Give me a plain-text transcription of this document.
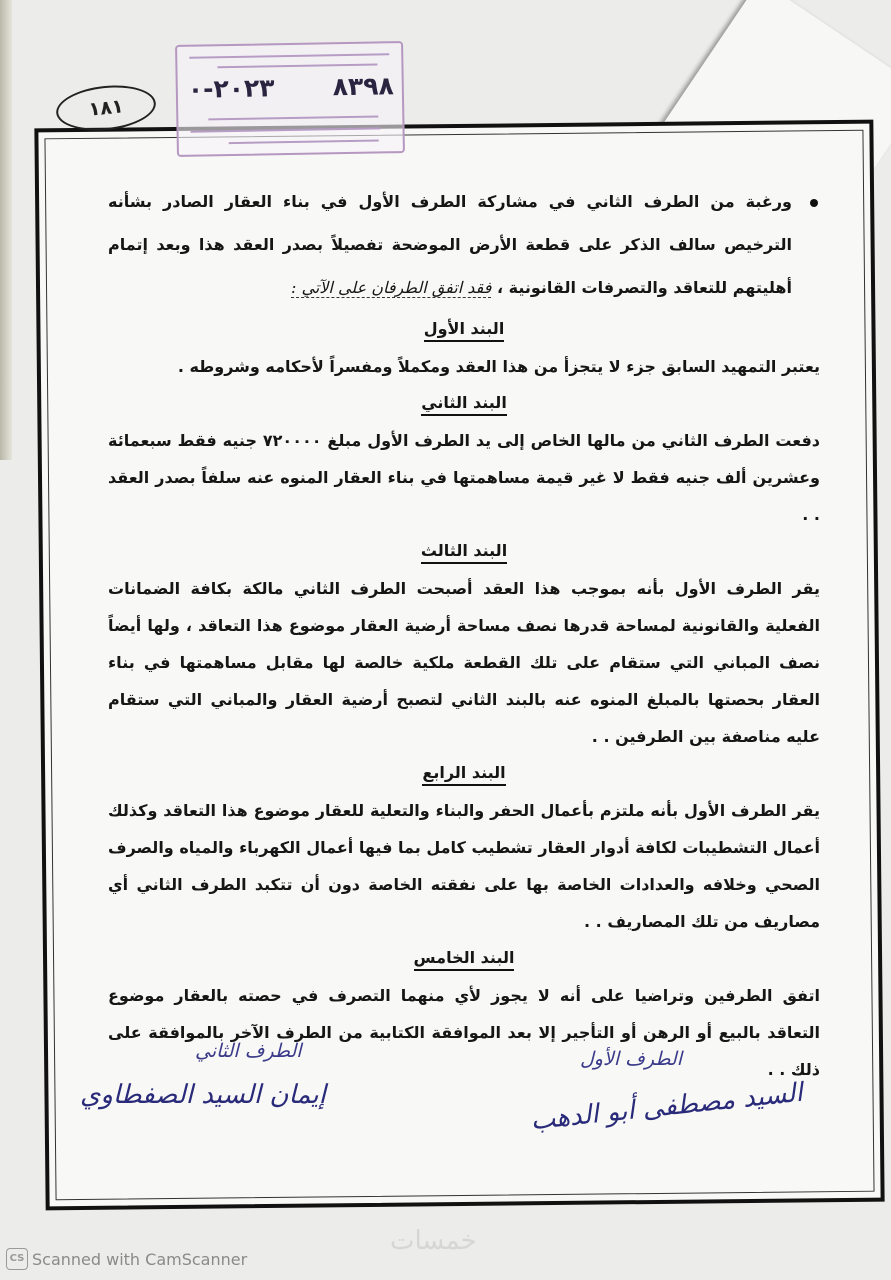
٢٠٢٣-٠ ٨٣٩٨
١٨١

ورغبة من الطرف الثاني في مشاركة الطرف الأول في بناء العقار الصادر بشأنه الترخيص سالف الذكر على قطعة الأرض الموضحة تفصيلاً بصدر العقد هذا وبعد إتمام أهليتهم للتعاقد والتصرفات القانونية ، فقد اتفق الطرفان على الآتي :

البند الأول

يعتبر التمهيد السابق جزء لا يتجزأ من هذا العقد ومكملاً ومفسراً لأحكامه وشروطه .

البند الثاني

دفعت الطرف الثاني من مالها الخاص إلى يد الطرف الأول مبلغ ٧٢٠٠٠٠ جنيه فقط سبعمائة وعشرين ألف جنيه فقط لا غير قيمة مساهمتها في بناء العقار المنوه عنه سلفاً بصدر العقد . .

البند الثالث

يقر الطرف الأول بأنه بموجب هذا العقد أصبحت الطرف الثاني مالكة بكافة الضمانات الفعلية والقانونية لمساحة قدرها نصف مساحة أرضية العقار موضوع هذا التعاقد ، ولها أيضاً نصف المباني التي ستقام على تلك القطعة ملكية خالصة لها مقابل مساهمتها في بناء العقار بحصتها بالمبلغ المنوه عنه بالبند الثاني لتصبح أرضية العقار والمباني التي ستقام عليه مناصفة بين الطرفين . .

البند الرابع

يقر الطرف الأول بأنه ملتزم بأعمال الحفر والبناء والتعلية للعقار موضوع هذا التعاقد وكذلك أعمال التشطيبات لكافة أدوار العقار تشطيب كامل بما فيها أعمال الكهرباء والمياه والصرف الصحي وخلافه والعدادات الخاصة بها على نفقته الخاصة دون أن تتكبد الطرف الثاني أي مصاريف من تلك المصاريف . .

البند الخامس

اتفق الطرفين وتراضيا على أنه لا يجوز لأي منهما التصرف في حصته بالعقار موضوع التعاقد بالبيع أو الرهن أو التأجير إلا بعد الموافقة الكتابية من الطرف الآخر بالموافقة على ذلك . .

الطرف الثاني
إيمان السيد الصفطاوي
الطرف الأول
السيد مصطفى أبو الدهب
خمسات
CS Scanned with CamScanner
